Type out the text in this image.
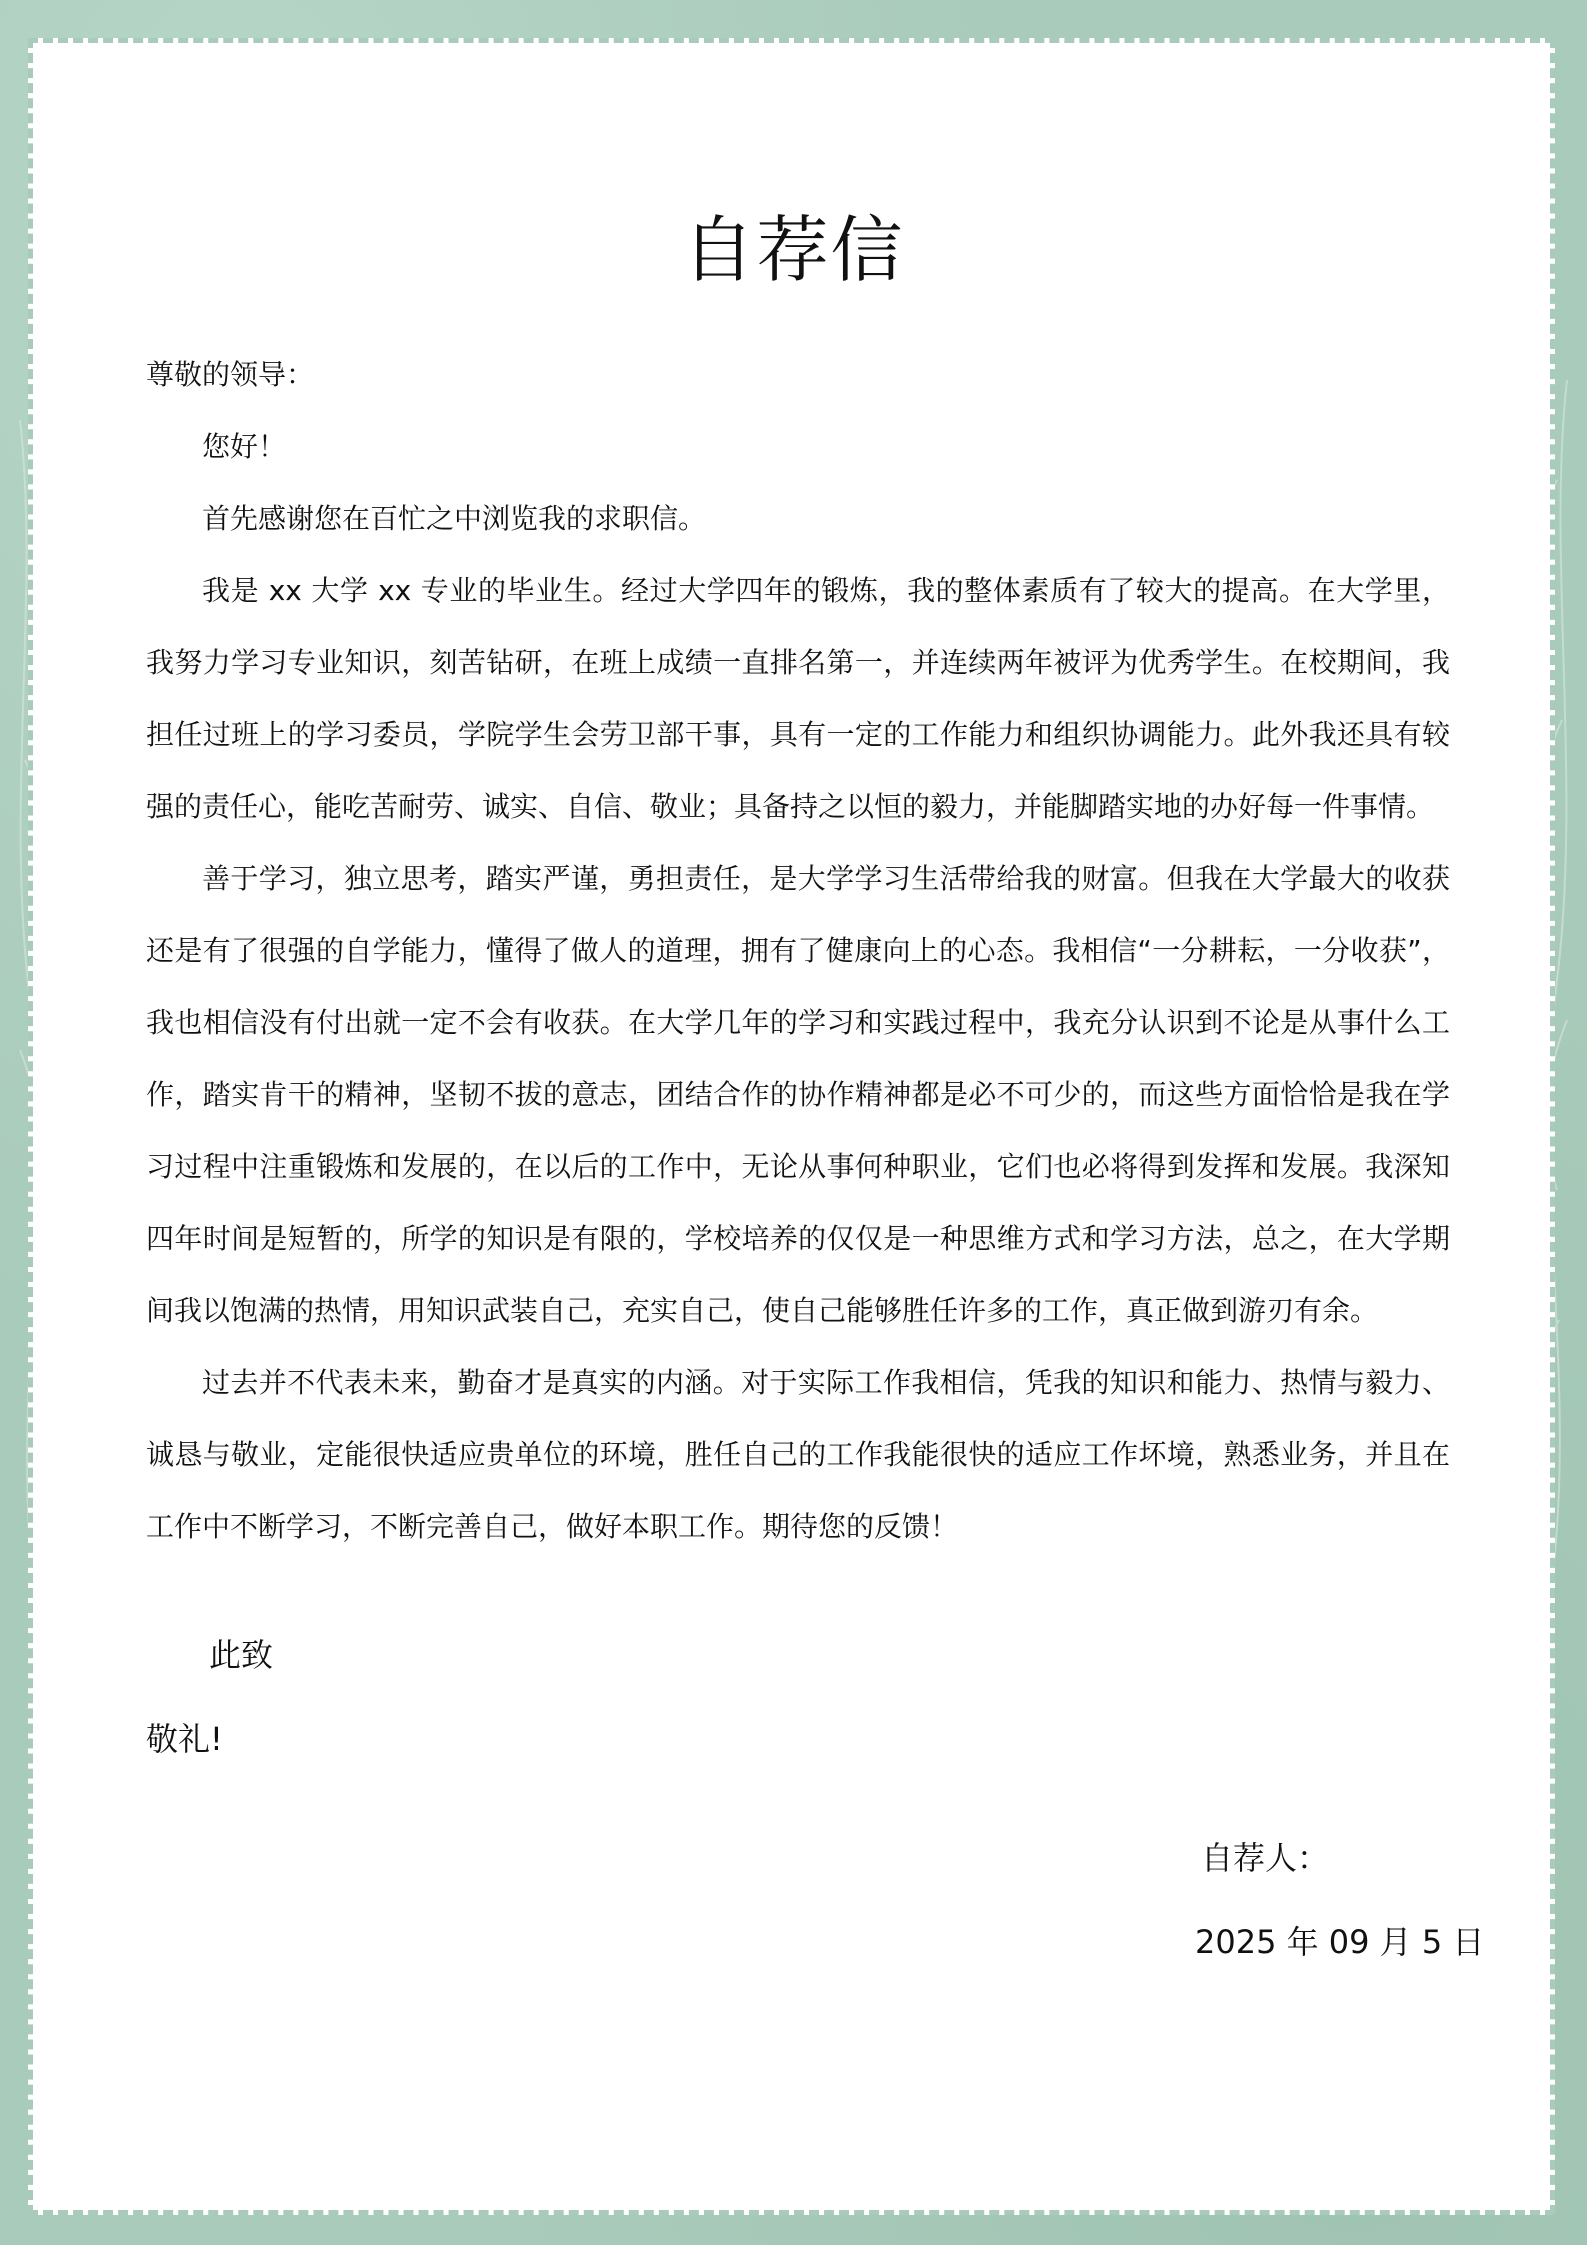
自荐信
尊敬的领导：
您好！
首先感谢您在百忙之中浏览我的求职信。
我是 xx 大学 xx 专业的毕业生。经过大学四年的锻炼，我的整体素质有了较大的提高。在大学里，我努力学习专业知识，刻苦钻研，在班上成绩一直排名第一，并连续两年被评为优秀学生。在校期间，我担任过班上的学习委员，学院学生会劳卫部干事，具有一定的工作能力和组织协调能力。此外我还具有较强的责任心，能吃苦耐劳、诚实、自信、敬业；具备持之以恒的毅力，并能脚踏实地的办好每一件事情。
善于学习，独立思考，踏实严谨，勇担责任，是大学学习生活带给我的财富。但我在大学最大的收获还是有了很强的自学能力，懂得了做人的道理，拥有了健康向上的心态。我相信“一分耕耘，一分收获”，我也相信没有付出就一定不会有收获。在大学几年的学习和实践过程中，我充分认识到不论是从事什么工作，踏实肯干的精神，坚韧不拔的意志，团结合作的协作精神都是必不可少的，而这些方面恰恰是我在学习过程中注重锻炼和发展的，在以后的工作中，无论从事何种职业，它们也必将得到发挥和发展。我深知四年时间是短暂的，所学的知识是有限的，学校培养的仅仅是一种思维方式和学习方法，总之，在大学期间我以饱满的热情，用知识武装自己，充实自己，使自己能够胜任许多的工作，真正做到游刃有余。
过去并不代表未来，勤奋才是真实的内涵。对于实际工作我相信，凭我的知识和能力、热情与毅力、诚恳与敬业，定能很快适应贵单位的环境，胜任自己的工作我能很快的适应工作坏境，熟悉业务，并且在工作中不断学习，不断完善自己，做好本职工作。期待您的反馈！
此致
敬礼!
自荐人：
2025 年 09 月 5 日
